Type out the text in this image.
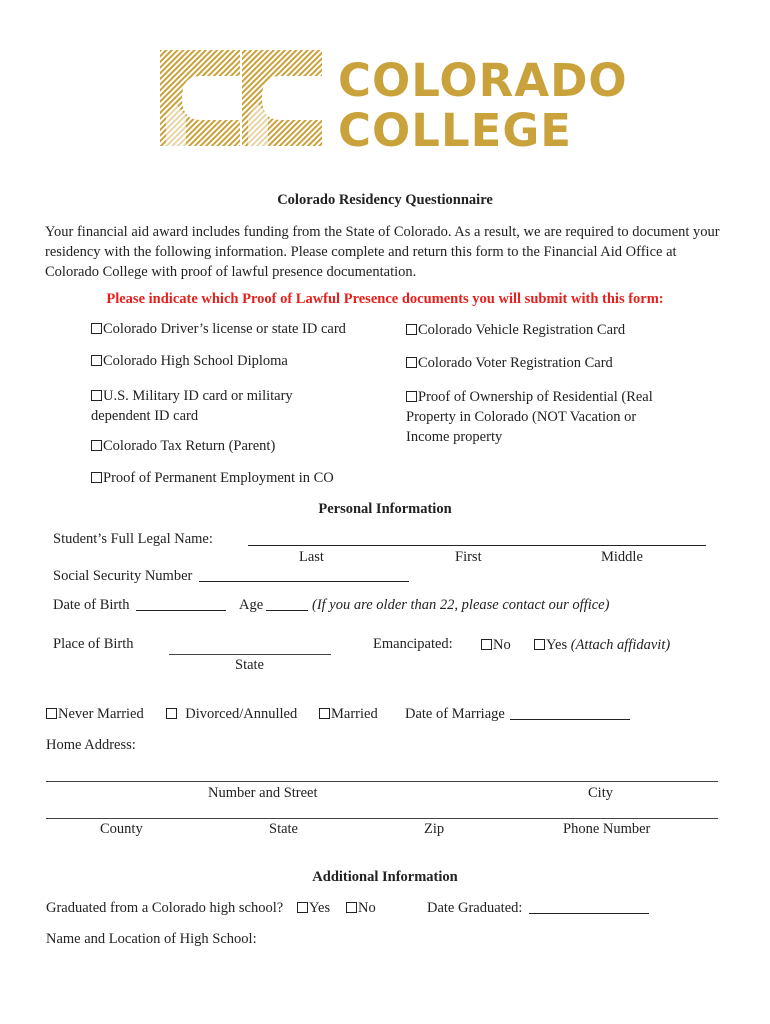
COLORADO
COLLEGE
Colorado Residency Questionnaire
Your financial aid award includes funding from the State of Colorado. As a result, we are required to document your residency with the following information. Please complete and return this form to the Financial Aid Office at Colorado College with proof of lawful presence documentation.
Please indicate which Proof of Lawful Presence documents you will submit with this form:
Colorado Driver’s license or state ID card	Colorado Vehicle Registration Card
Colorado High School Diploma	Colorado Voter Registration Card
U.S. Military ID card or military dependent ID card
Proof of Ownership of Residential (Real Property in Colorado (NOT Vacation or Income property
Colorado Tax Return (Parent)
Proof of Permanent Employment in CO
Personal Information
Student’s Full Legal Name:
Last	First	Middle
Social Security Number
Date of Birth	Age	(If you are older than 22, please contact our office)
Place of Birth
State
Emancipated:	No	Yes (Attach affidavit)
Never Married	Divorced/Annulled	Married Date of Marriage
Home Address:
Number and Street	City
County	State	Zip	Phone Number
Additional Information
Graduated from a Colorado high school?	Yes	No	Date Graduated:
Name and Location of High School:
